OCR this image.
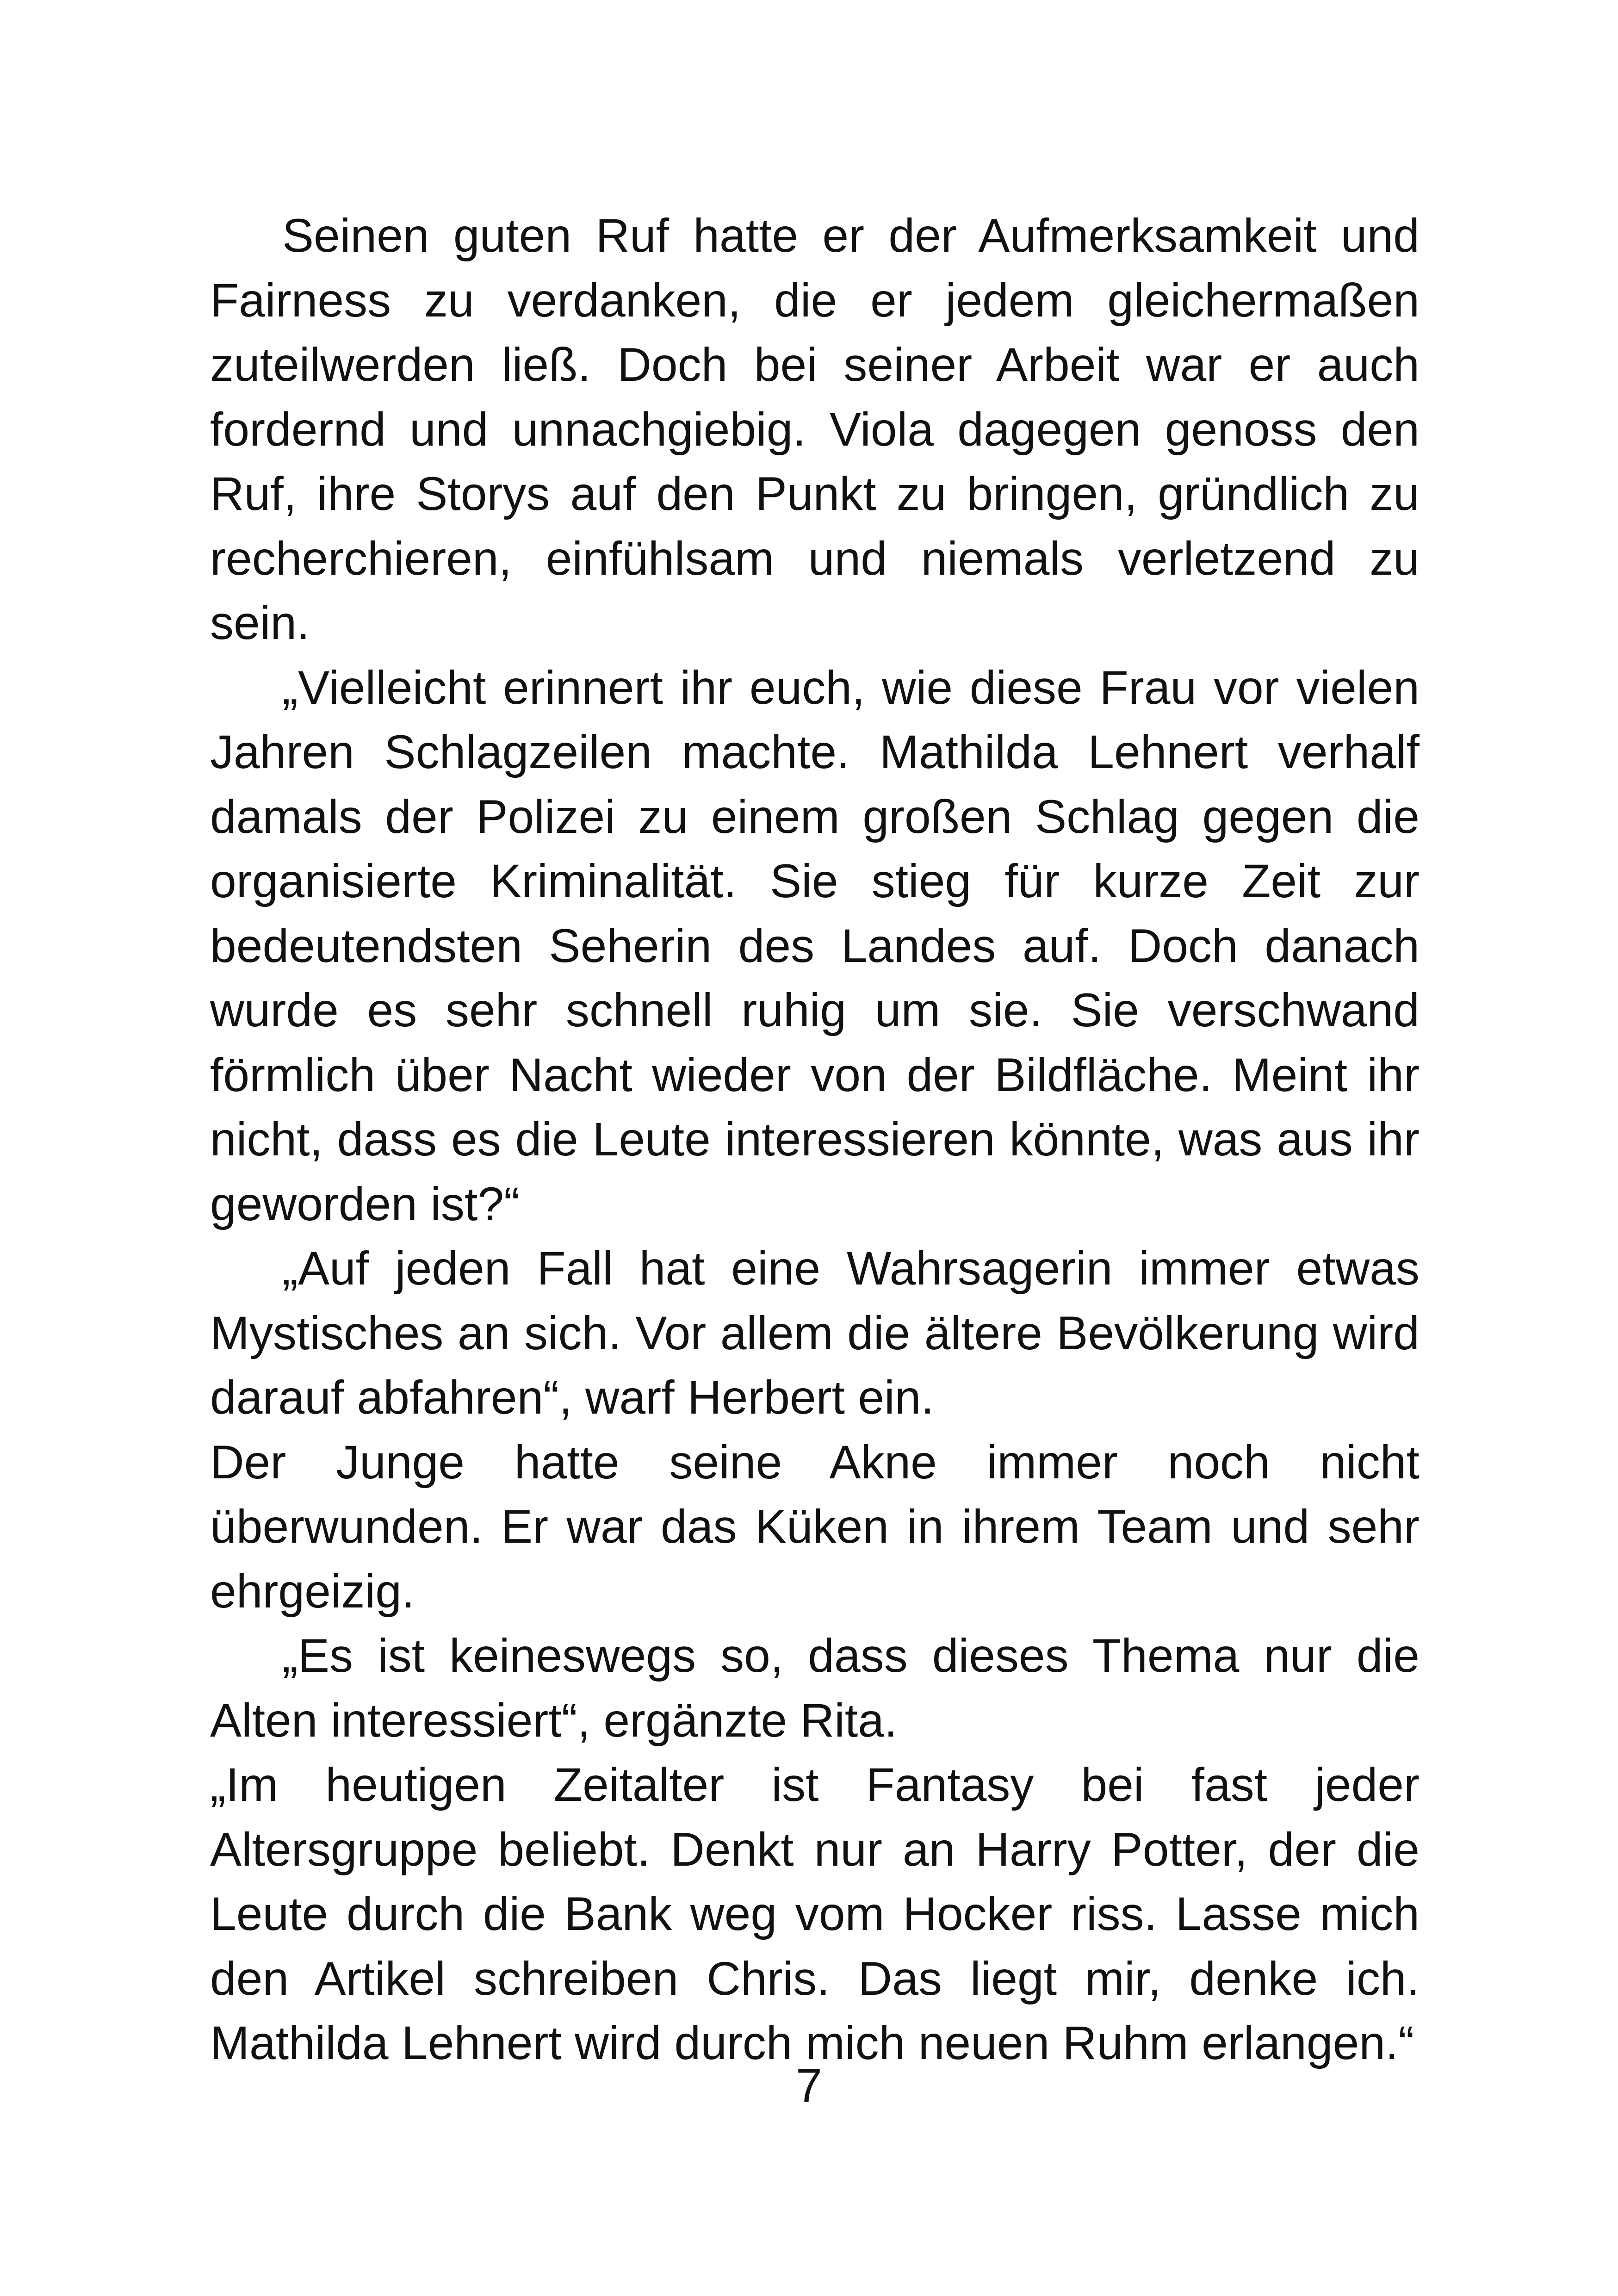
Seinen guten Ruf hatte er der Aufmerksamkeit und Fairness zu verdanken, die er jedem gleichermaßen zuteilwerden ließ. Doch bei seiner Arbeit war er auch fordernd und unnachgiebig. Viola dagegen genoss den Ruf, ihre Storys auf den Punkt zu bringen, gründlich zu recherchieren, einfühlsam und niemals verletzend zu sein.

„Vielleicht erinnert ihr euch, wie diese Frau vor vielen Jahren Schlagzeilen machte. Mathilda Lehnert verhalf damals der Polizei zu einem großen Schlag gegen die organisierte Kriminalität. Sie stieg für kurze Zeit zur bedeutendsten Seherin des Landes auf. Doch danach wurde es sehr schnell ruhig um sie. Sie verschwand förmlich über Nacht wieder von der Bildfläche. Meint ihr nicht, dass es die Leute interessieren könnte, was aus ihr geworden ist?“

„Auf jeden Fall hat eine Wahrsagerin immer etwas Mystisches an sich. Vor allem die ältere Bevölkerung wird darauf abfahren“, warf Herbert ein.

Der Junge hatte seine Akne immer noch nicht überwunden. Er war das Küken in ihrem Team und sehr ehrgeizig.

„Es ist keineswegs so, dass dieses Thema nur die Alten interessiert“, ergänzte Rita.

„Im heutigen Zeitalter ist Fantasy bei fast jeder Altersgruppe beliebt. Denkt nur an Harry Potter, der die Leute durch die Bank weg vom Hocker riss. Lasse mich den Artikel schreiben Chris. Das liegt mir, denke ich. Mathilda Lehnert wird durch mich neuen Ruhm erlangen.“

7
